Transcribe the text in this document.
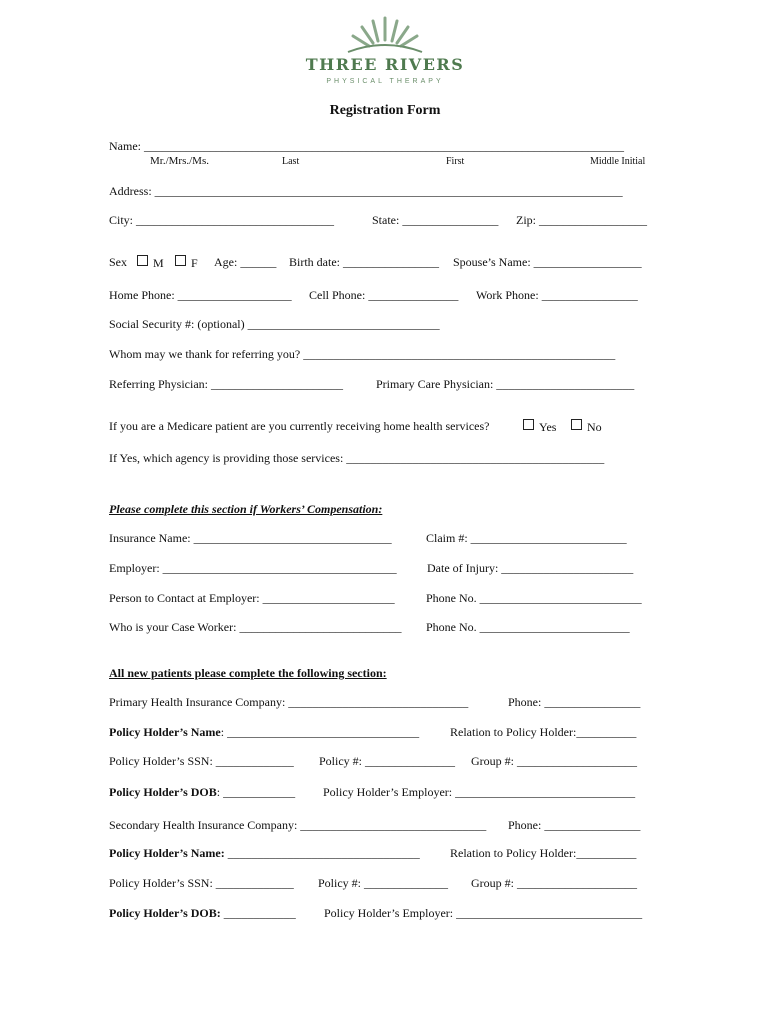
THREE RIVERS
PHYSICAL THERAPY
Registration Form
Name: ________________________________________________________________________________
Mr./Mrs./Ms.	Last	First	Middle Initial
Address: ______________________________________________________________________________
City: _________________________________	State: ________________ Zip: __________________
Sex	M	F Age: ______ Birth date: ________________ Spouse’s Name: __________________
Home Phone: ___________________ Cell Phone: _______________ Work Phone: ________________
Social Security #: (optional) ________________________________
Whom may we thank for referring you? ____________________________________________________
Referring Physician: ______________________	Primary Care Physician: _______________________
If you are a Medicare patient are you currently receiving home health services?	Yes	No
If Yes, which agency is providing those services: ___________________________________________
Please complete this section if Workers’ Compensation:
Insurance Name: _________________________________	Claim #: __________________________
Employer: _______________________________________	Date of Injury: ______________________
Person to Contact at Employer: ______________________	Phone No. ___________________________
Who is your Case Worker: ___________________________ Phone No. _________________________
All new patients please complete the following section:
Primary Health Insurance Company: ______________________________	Phone: ________________
Policy Holder’s Name: ________________________________	Relation to Policy Holder:__________
Policy Holder’s SSN: _____________ Policy #: _______________ Group #: ____________________
Policy Holder’s DOB: ____________ Policy Holder’s Employer: ______________________________
Secondary Health Insurance Company: _______________________________ Phone: ________________
Policy Holder’s Name: ________________________________	Relation to Policy Holder:__________
Policy Holder’s SSN: _____________ Policy #: ______________ Group #: ____________________
Policy Holder’s DOB: ____________ Policy Holder’s Employer: _______________________________
